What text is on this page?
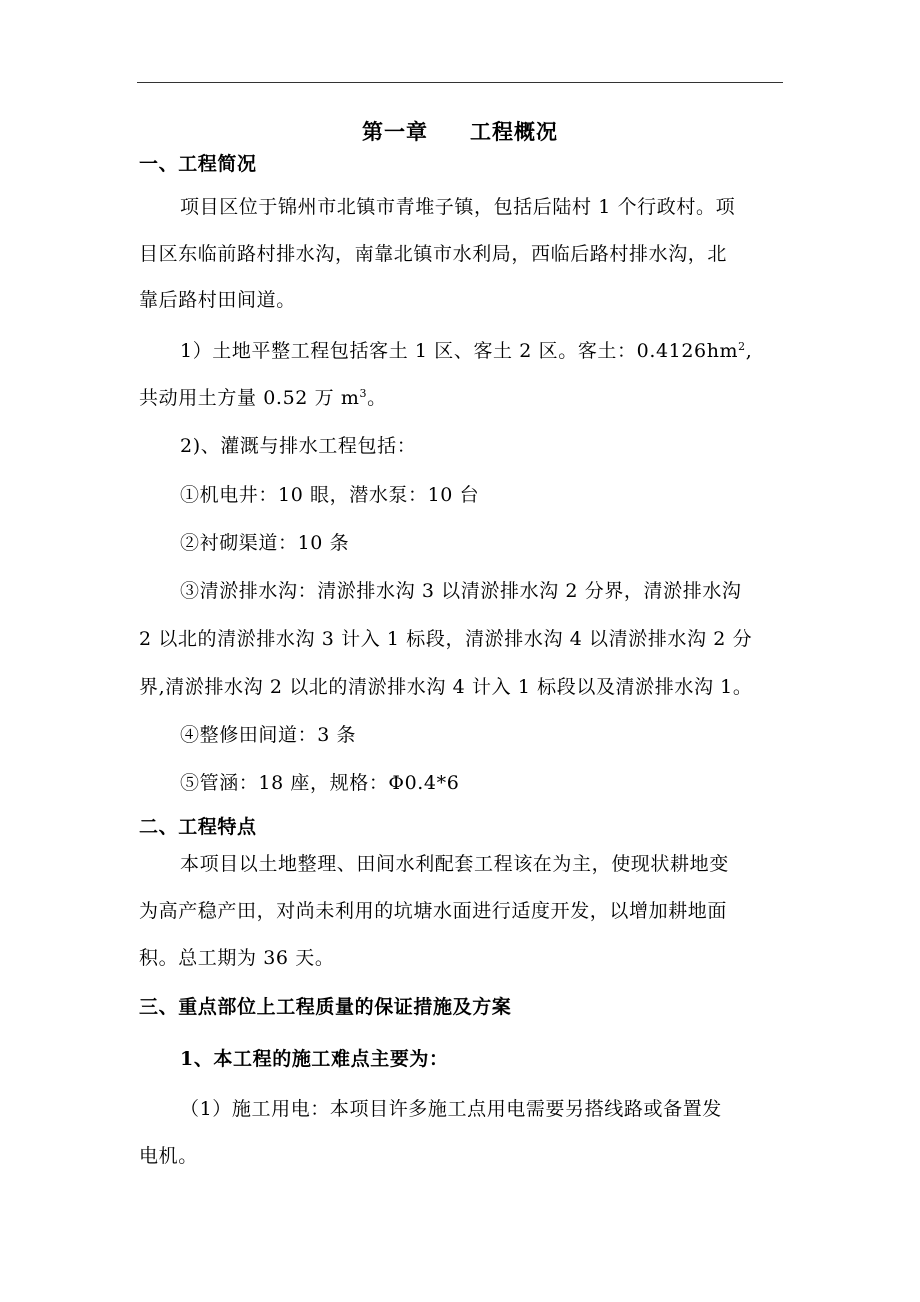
第一章 工程概况
一、工程简况
项目区位于锦州市北镇市青堆子镇，包括后陆村 1 个行政村。项
目区东临前路村排水沟，南靠北镇市水利局，西临后路村排水沟，北
靠后路村田间道。
1）土地平整工程包括客土 1 区、客土 2 区。客土：$0.4126hm^2$,
共动用土方量 0.52 万 $m^3$。
2)、灌溉与排水工程包括：
①机电井：10 眼，潜水泵：10 台
②衬砌渠道：10 条
③清淤排水沟：清淤排水沟 3 以清淤排水沟 2 分界，清淤排水沟
2 以北的清淤排水沟 3 计入 1 标段，清淤排水沟 4 以清淤排水沟 2 分
界,清淤排水沟 2 以北的清淤排水沟 4 计入 1 标段以及清淤排水沟 1。
④整修田间道：3 条
⑤管涵：18 座，规格：Φ0.4*6
二、工程特点
本项目以土地整理、田间水利配套工程该在为主，使现状耕地变
为高产稳产田，对尚未利用的坑塘水面进行适度开发，以增加耕地面
积。总工期为 36 天。
三、重点部位上工程质量的保证措施及方案
1、本工程的施工难点主要为：
（1）施工用电：本项目许多施工点用电需要另搭线路或备置发
电机。
